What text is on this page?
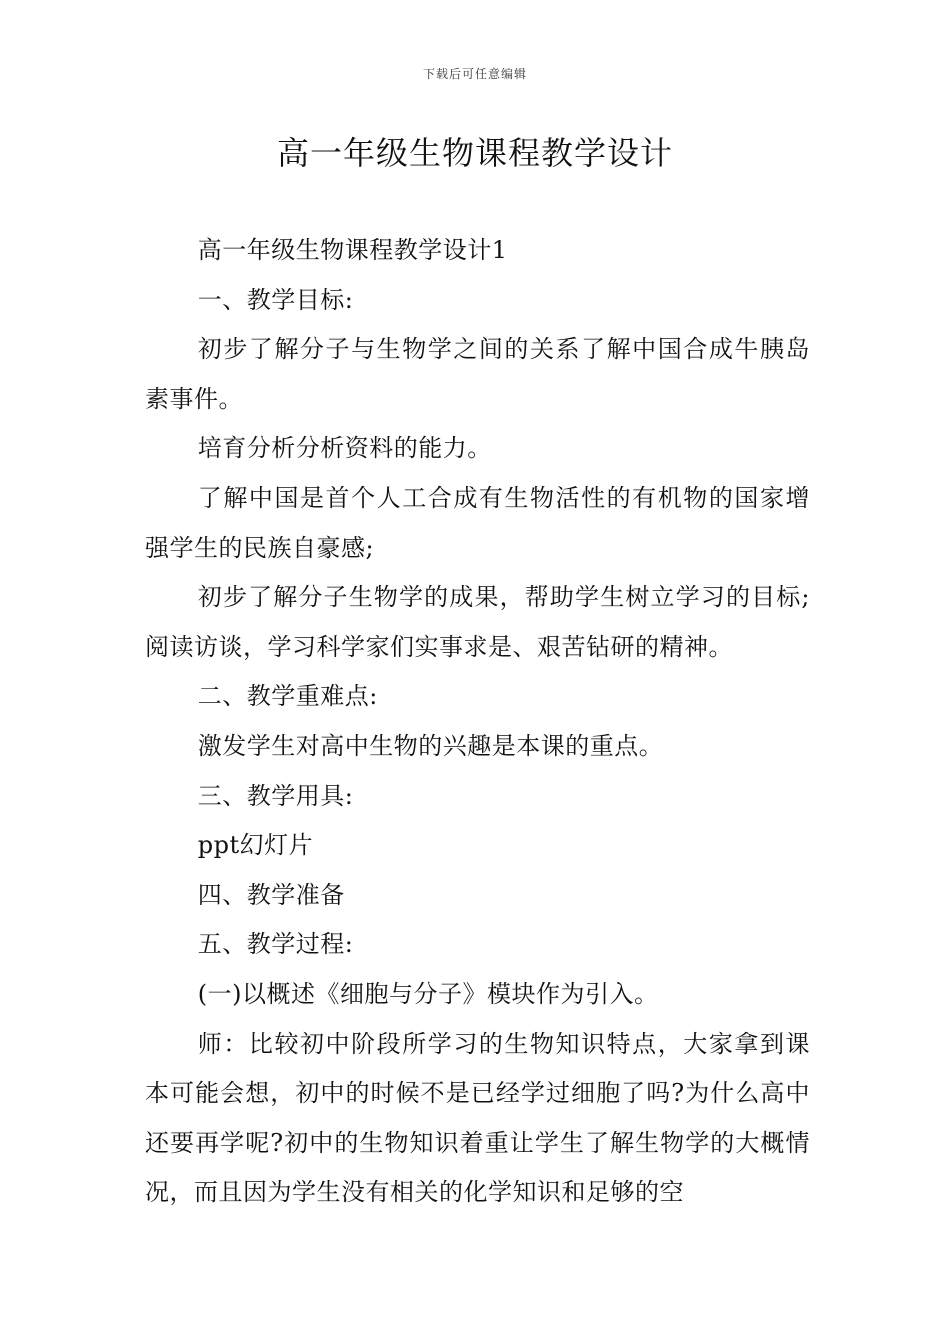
下载后可任意编辑
高一年级生物课程教学设计

高一年级生物课程教学设计1

一、教学目标:

初步了解分子与生物学之间的关系了解中国合成牛胰岛素事件。

培育分析分析资料的能力。

了解中国是首个人工合成有生物活性的有机物的国家增强学生的民族自豪感;

初步了解分子生物学的成果，帮助学生树立学习的目标;阅读访谈，学习科学家们实事求是、艰苦钻研的精神。

二、教学重难点:

激发学生对高中生物的兴趣是本课的重点。

三、教学用具:

ppt幻灯片

四、教学准备

五、教学过程:

(一)以概述《细胞与分子》模块作为引入。

师：比较初中阶段所学习的生物知识特点，大家拿到课本可能会想，初中的时候不是已经学过细胞了吗?为什么高中还要再学呢?初中的生物知识着重让学生了解生物学的大概情况，而且因为学生没有相关的化学知识和足够的空
